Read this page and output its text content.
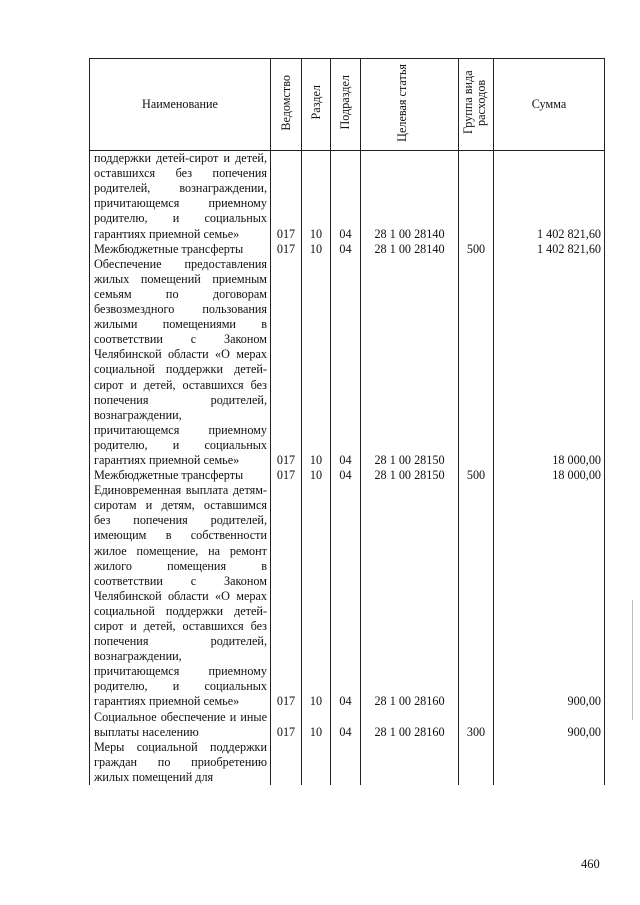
Наименование	Ведомство	Раздел	Подраздел	Целевая статья	Группа вида расходов	Сумма
поддержки детей-сирот и детей, оставшихся без попечения родителей, вознаграждении, причитающемся приемному родителю, и социальных гарантиях приемной семье»	017	10	04	28 1 00 28140		1 402 821,60
Межбюджетные трансферты	017	10	04	28 1 00 28140	500	1 402 821,60
Обеспечение предоставления жилых помещений приемным семьям по договорам безвозмездного пользования жилыми помещениями в соответствии с Законом Челябинской области «О мерах социальной поддержки детей-сирот и детей, оставшихся без попечения родителей, вознаграждении, причитающемся приемному родителю, и социальных гарантиях приемной семье»	017	10	04	28 1 00 28150		18 000,00
Межбюджетные трансферты	017	10	04	28 1 00 28150	500	18 000,00
Единовременная выплата детям-сиротам и детям, оставшимся без попечения родителей, имеющим в собственности жилое помещение, на ремонт жилого помещения в соответствии с Законом Челябинской области «О мерах социальной поддержки детей-сирот и детей, оставшихся без попечения родителей, вознаграждении, причитающемся приемному родителю, и социальных гарантиях приемной семье»	017	10	04	28 1 00 28160		900,00
Социальное обеспечение и иные выплаты населению	017	10	04	28 1 00 28160	300	900,00
Меры социальной поддержки граждан по приобретению жилых помещений для						
460
